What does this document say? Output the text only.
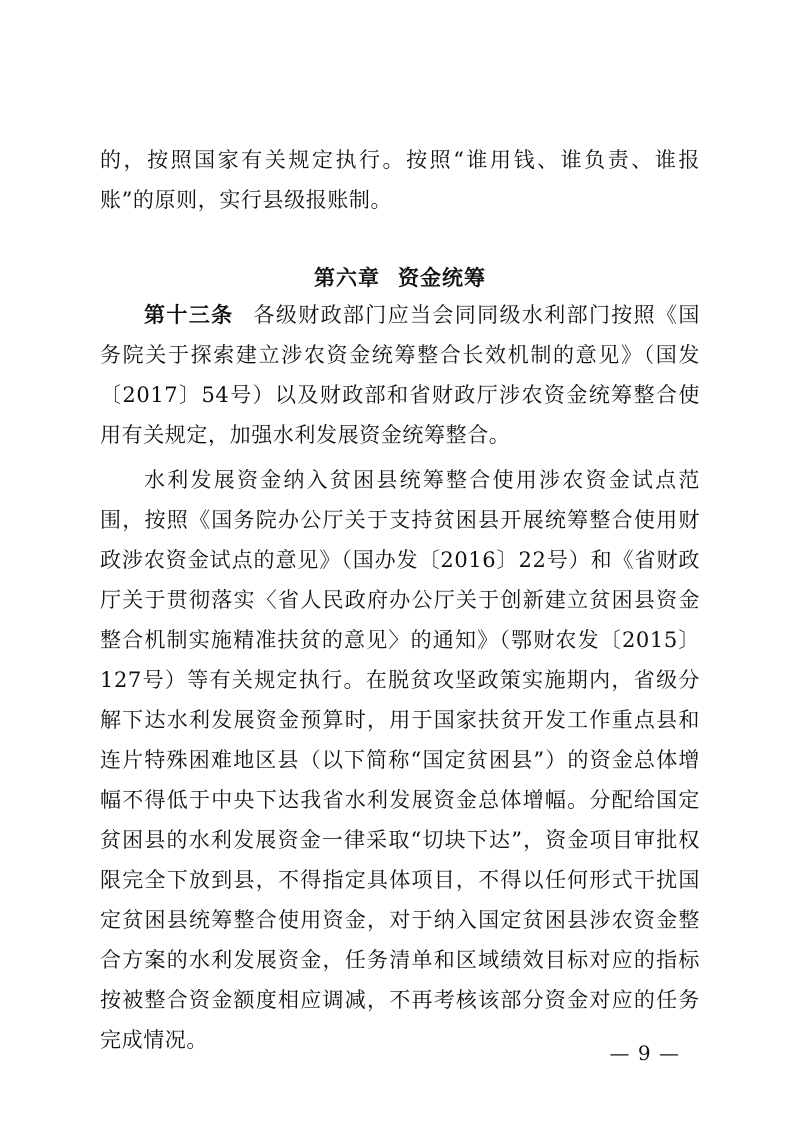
的，按照国家有关规定执行。按照“谁用钱、谁负责、谁报账”的原则，实行县级报账制。

第六章 资金统筹

第十三条 各级财政部门应当会同同级水利部门按照《国务院关于探索建立涉农资金统筹整合长效机制的意见》（国发〔2017〕54号）以及财政部和省财政厅涉农资金统筹整合使用有关规定，加强水利发展资金统筹整合。

水利发展资金纳入贫困县统筹整合使用涉农资金试点范围，按照《国务院办公厅关于支持贫困县开展统筹整合使用财政涉农资金试点的意见》（国办发〔2016〕22号）和《省财政厅关于贯彻落实〈省人民政府办公厅关于创新建立贫困县资金整合机制实施精准扶贫的意见〉的通知》（鄂财农发〔2015〕127号）等有关规定执行。在脱贫攻坚政策实施期内，省级分解下达水利发展资金预算时，用于国家扶贫开发工作重点县和连片特殊困难地区县（以下简称“国定贫困县”）的资金总体增幅不得低于中央下达我省水利发展资金总体增幅。分配给国定贫困县的水利发展资金一律采取“切块下达”，资金项目审批权限完全下放到县，不得指定具体项目，不得以任何形式干扰国定贫困县统筹整合使用资金，对于纳入国定贫困县涉农资金整合方案的水利发展资金，任务清单和区域绩效目标对应的指标按被整合资金额度相应调减，不再考核该部分资金对应的任务完成情况。

— 9 —
